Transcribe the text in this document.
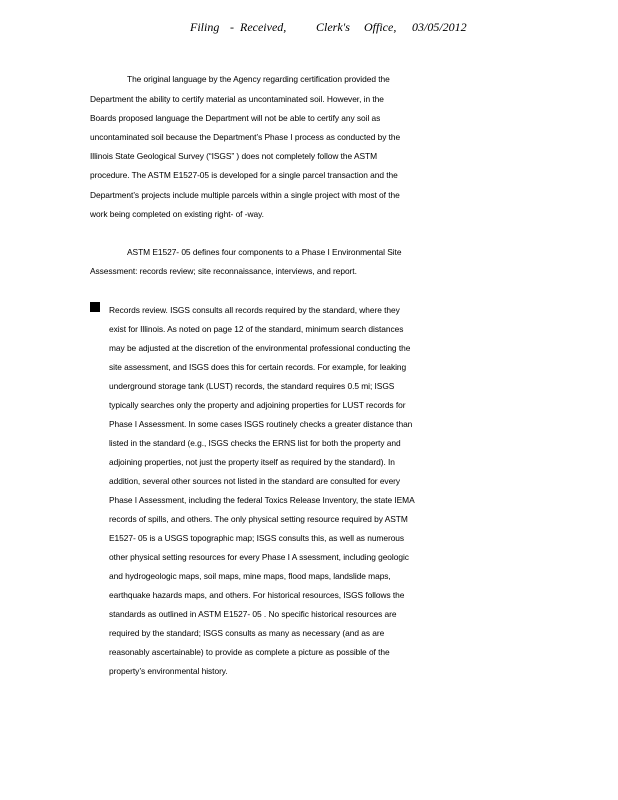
Filing - Received, Clerk's Office, 03/05/2012
The original language by the Agency regarding certification provided the
Department the ability to certify material as uncontaminated soil. However, in the
Boards proposed language the Department will not be able to certify any soil as
uncontaminated soil because the Department’s Phase I process as conducted by the
Illinois State Geological Survey (“ISGS” ) does not completely follow the ASTM
procedure. The ASTM E1527-05 is developed for a single parcel transaction and the
Department’s projects include multiple parcels within a single project with most of the
work being completed on existing right- of -way.
ASTM E1527- 05 defines four components to a Phase I Environmental Site
Assessment: records review; site reconnaissance, interviews, and report.
Records review. ISGS consults all records required by the standard, where they
exist for Illinois. As noted on page 12 of the standard, minimum search distances
may be adjusted at the discretion of the environmental professional conducting the
site assessment, and ISGS does this for certain records. For example, for leaking
underground storage tank (LUST) records, the standard requires 0.5 mi; ISGS
typically searches only the property and adjoining properties for LUST records for
Phase I Assessment. In some cases ISGS routinely checks a greater distance than
listed in the standard (e.g., ISGS checks the ERNS list for both the property and
adjoining properties, not just the property itself as required by the standard). In
addition, several other sources not listed in the standard are consulted for every
Phase I Assessment, including the federal Toxics Release Inventory, the state IEMA
records of spills, and others. The only physical setting resource required by ASTM
E1527- 05 is a USGS topographic map; ISGS consults this, as well as numerous
other physical setting resources for every Phase I A ssessment, including geologic
and hydrogeologic maps, soil maps, mine maps, flood maps, landslide maps,
earthquake hazards maps, and others. For historical resources, ISGS follows the
standards as outlined in ASTM E1527- 05 . No specific historical resources are
required by the standard; ISGS consults as many as necessary (and as are
reasonably ascertainable) to provide as complete a picture as possible of the
property’s environmental history.
